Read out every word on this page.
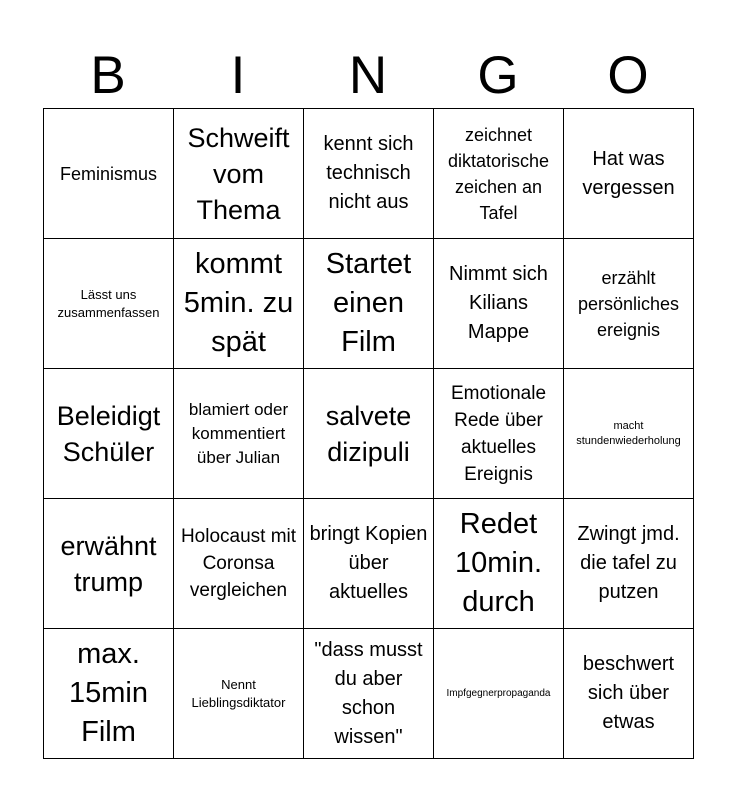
B	I	N	G	O
Feminismus
Schweift vom Thema
kennt sich technisch nicht aus
zeichnet diktatorische zeichen an Tafel
Hat was vergessen
Lässt uns zusammenfassen
kommt 5min. zu spät
Startet einen Film
Nimmt sich Kilians Mappe
erzählt persönliches ereignis
Beleidigt Schüler
blamiert oder kommentiert über Julian
salvete dizipuli
Emotionale Rede über aktuelles Ereignis
macht stundenwiederholung
erwähnt trump
Holocaust mit Coronsa vergleichen
bringt Kopien über aktuelles
Redet 10min. durch
Zwingt jmd. die tafel zu putzen
max. 15min Film
Nennt Lieblingsdiktator
"dass musst du aber schon wissen"
Impfgegnerpropaganda
beschwert sich über etwas
